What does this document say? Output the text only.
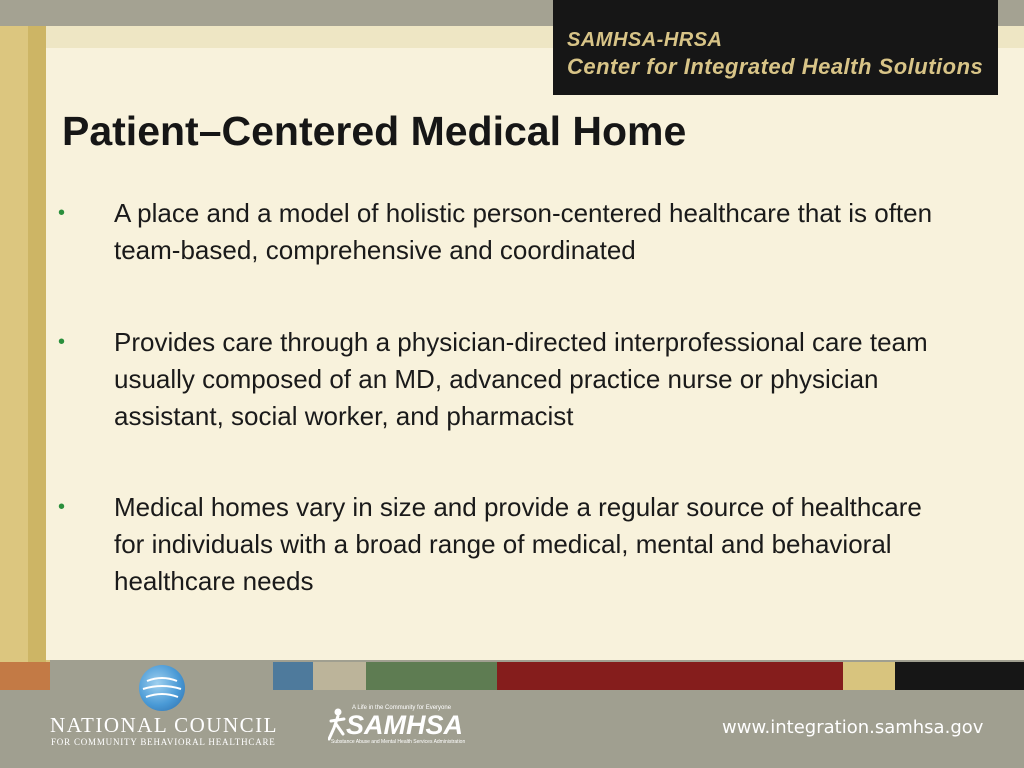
SAMHSA-HRSA
Center for Integrated Health Solutions
Patient–Centered Medical Home
• A place and a model of holistic person-centered healthcare that is often team-based, comprehensive and coordinated
• Provides care through a physician-directed interprofessional care team usually composed of an MD, advanced practice nurse or physician assistant, social worker, and pharmacist
• Medical homes vary in size and provide a regular source of healthcare for individuals with a broad range of medical, mental and behavioral healthcare needs
NATIONAL COUNCIL
FOR COMMUNITY BEHAVIORAL HEALTHCARE
A Life in the Community for Everyone
SAMHSA
Substance Abuse and Mental Health Services Administration
www.integration.samhsa.gov
